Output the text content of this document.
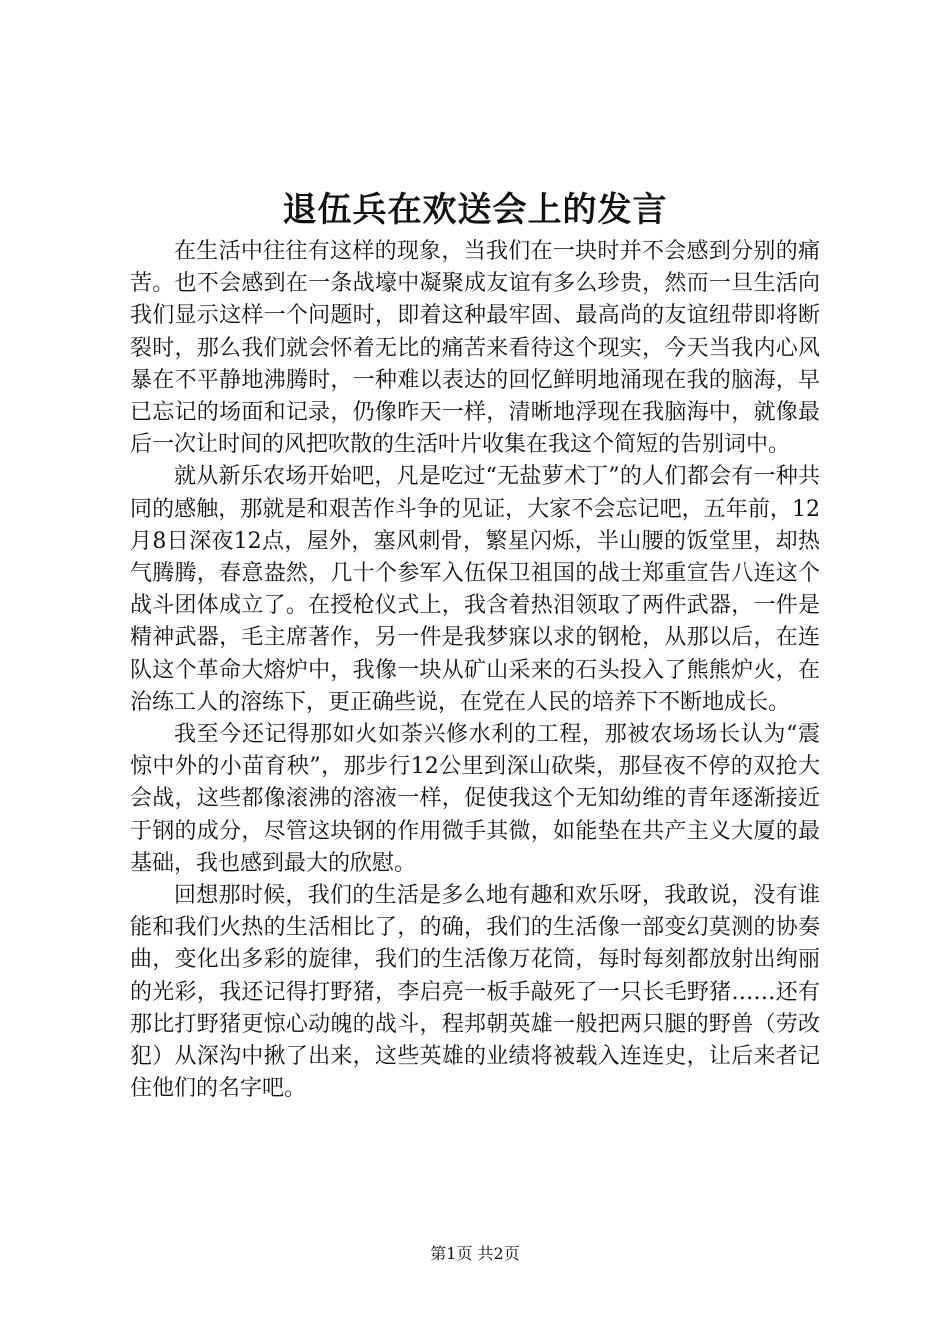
退伍兵在欢送会上的发言

在生活中往往有这样的现象，当我们在一块时并不会感到分别的痛苦。也不会感到在一条战壕中凝聚成友谊有多么珍贵，然而一旦生活向我们显示这样一个问题时，即着这种最牢固、最高尚的友谊纽带即将断裂时，那么我们就会怀着无比的痛苦来看待这个现实，今天当我内心风暴在不平静地沸腾时，一种难以表达的回忆鲜明地涌现在我的脑海，早已忘记的场面和记录，仍像昨天一样，清晰地浮现在我脑海中，就像最后一次让时间的风把吹散的生活叶片收集在我这个简短的告别词中。

就从新乐农场开始吧，凡是吃过“无盐萝术丁”的人们都会有一种共同的感触，那就是和艰苦作斗争的见证，大家不会忘记吧，五年前，12月8日深夜12点，屋外，塞风刺骨，繁星闪烁，半山腰的饭堂里，却热气腾腾，春意盎然，几十个参军入伍保卫祖国的战士郑重宣告八连这个战斗团体成立了。在授枪仪式上，我含着热泪领取了两件武器，一件是精神武器，毛主席著作，另一件是我梦寐以求的钢枪，从那以后，在连队这个革命大熔炉中，我像一块从矿山采来的石头投入了熊熊炉火，在治练工人的溶练下，更正确些说，在党在人民的培养下不断地成长。

我至今还记得那如火如荼兴修水利的工程，那被农场场长认为“震惊中外的小苗育秧”，那步行12公里到深山砍柴，那昼夜不停的双抢大会战，这些都像滚沸的溶液一样，促使我这个无知幼维的青年逐渐接近于钢的成分，尽管这块钢的作用微手其微，如能垫在共产主义大厦的最基础，我也感到最大的欣慰。

回想那时候，我们的生活是多么地有趣和欢乐呀，我敢说，没有谁能和我们火热的生活相比了，的确，我们的生活像一部变幻莫测的协奏曲，变化出多彩的旋律，我们的生活像万花筒，每时每刻都放射出绚丽的光彩，我还记得打野猪，李启亮一板手敲死了一只长毛野猪……还有那比打野猪更惊心动魄的战斗，程邦朝英雄一般把两只腿的野兽（劳改犯）从深沟中揪了出来，这些英雄的业绩将被载入连连史，让后来者记住他们的名字吧。

第1页 共2页
